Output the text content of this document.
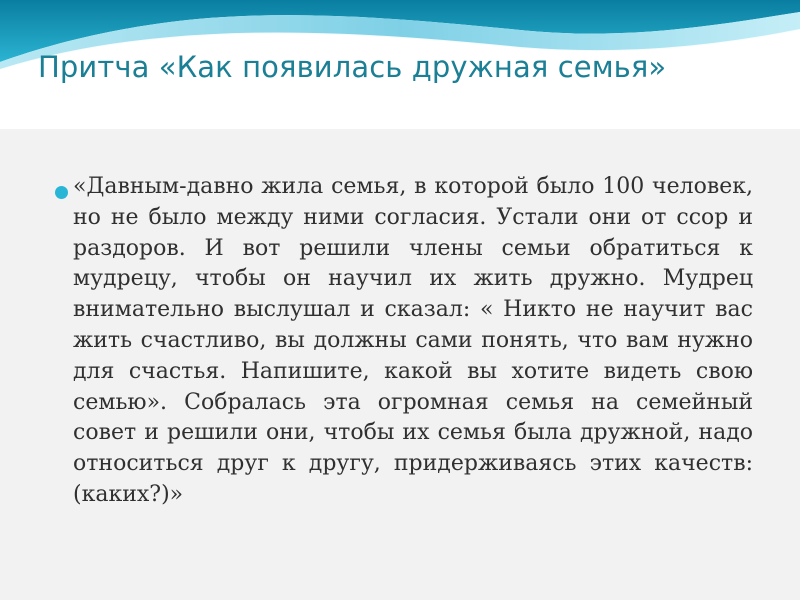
Притча «Как появилась дружная семья»

«Давным-давно жила семья, в которой было 100 человек, но не было между ними согласия. Устали они от ссор и раздоров. И вот решили члены семьи обратиться к мудрецу, чтобы он научил их жить дружно. Мудрец внимательно выслушал и сказал: « Никто не научит вас жить счастливо, вы должны сами понять, что вам нужно для счастья. Напишите, какой вы хотите видеть свою семью». Собралась эта огромная семья на семейный совет и решили они, чтобы их семья была дружной, надо относиться друг к другу, придерживаясь этих качеств: (каких?)»
